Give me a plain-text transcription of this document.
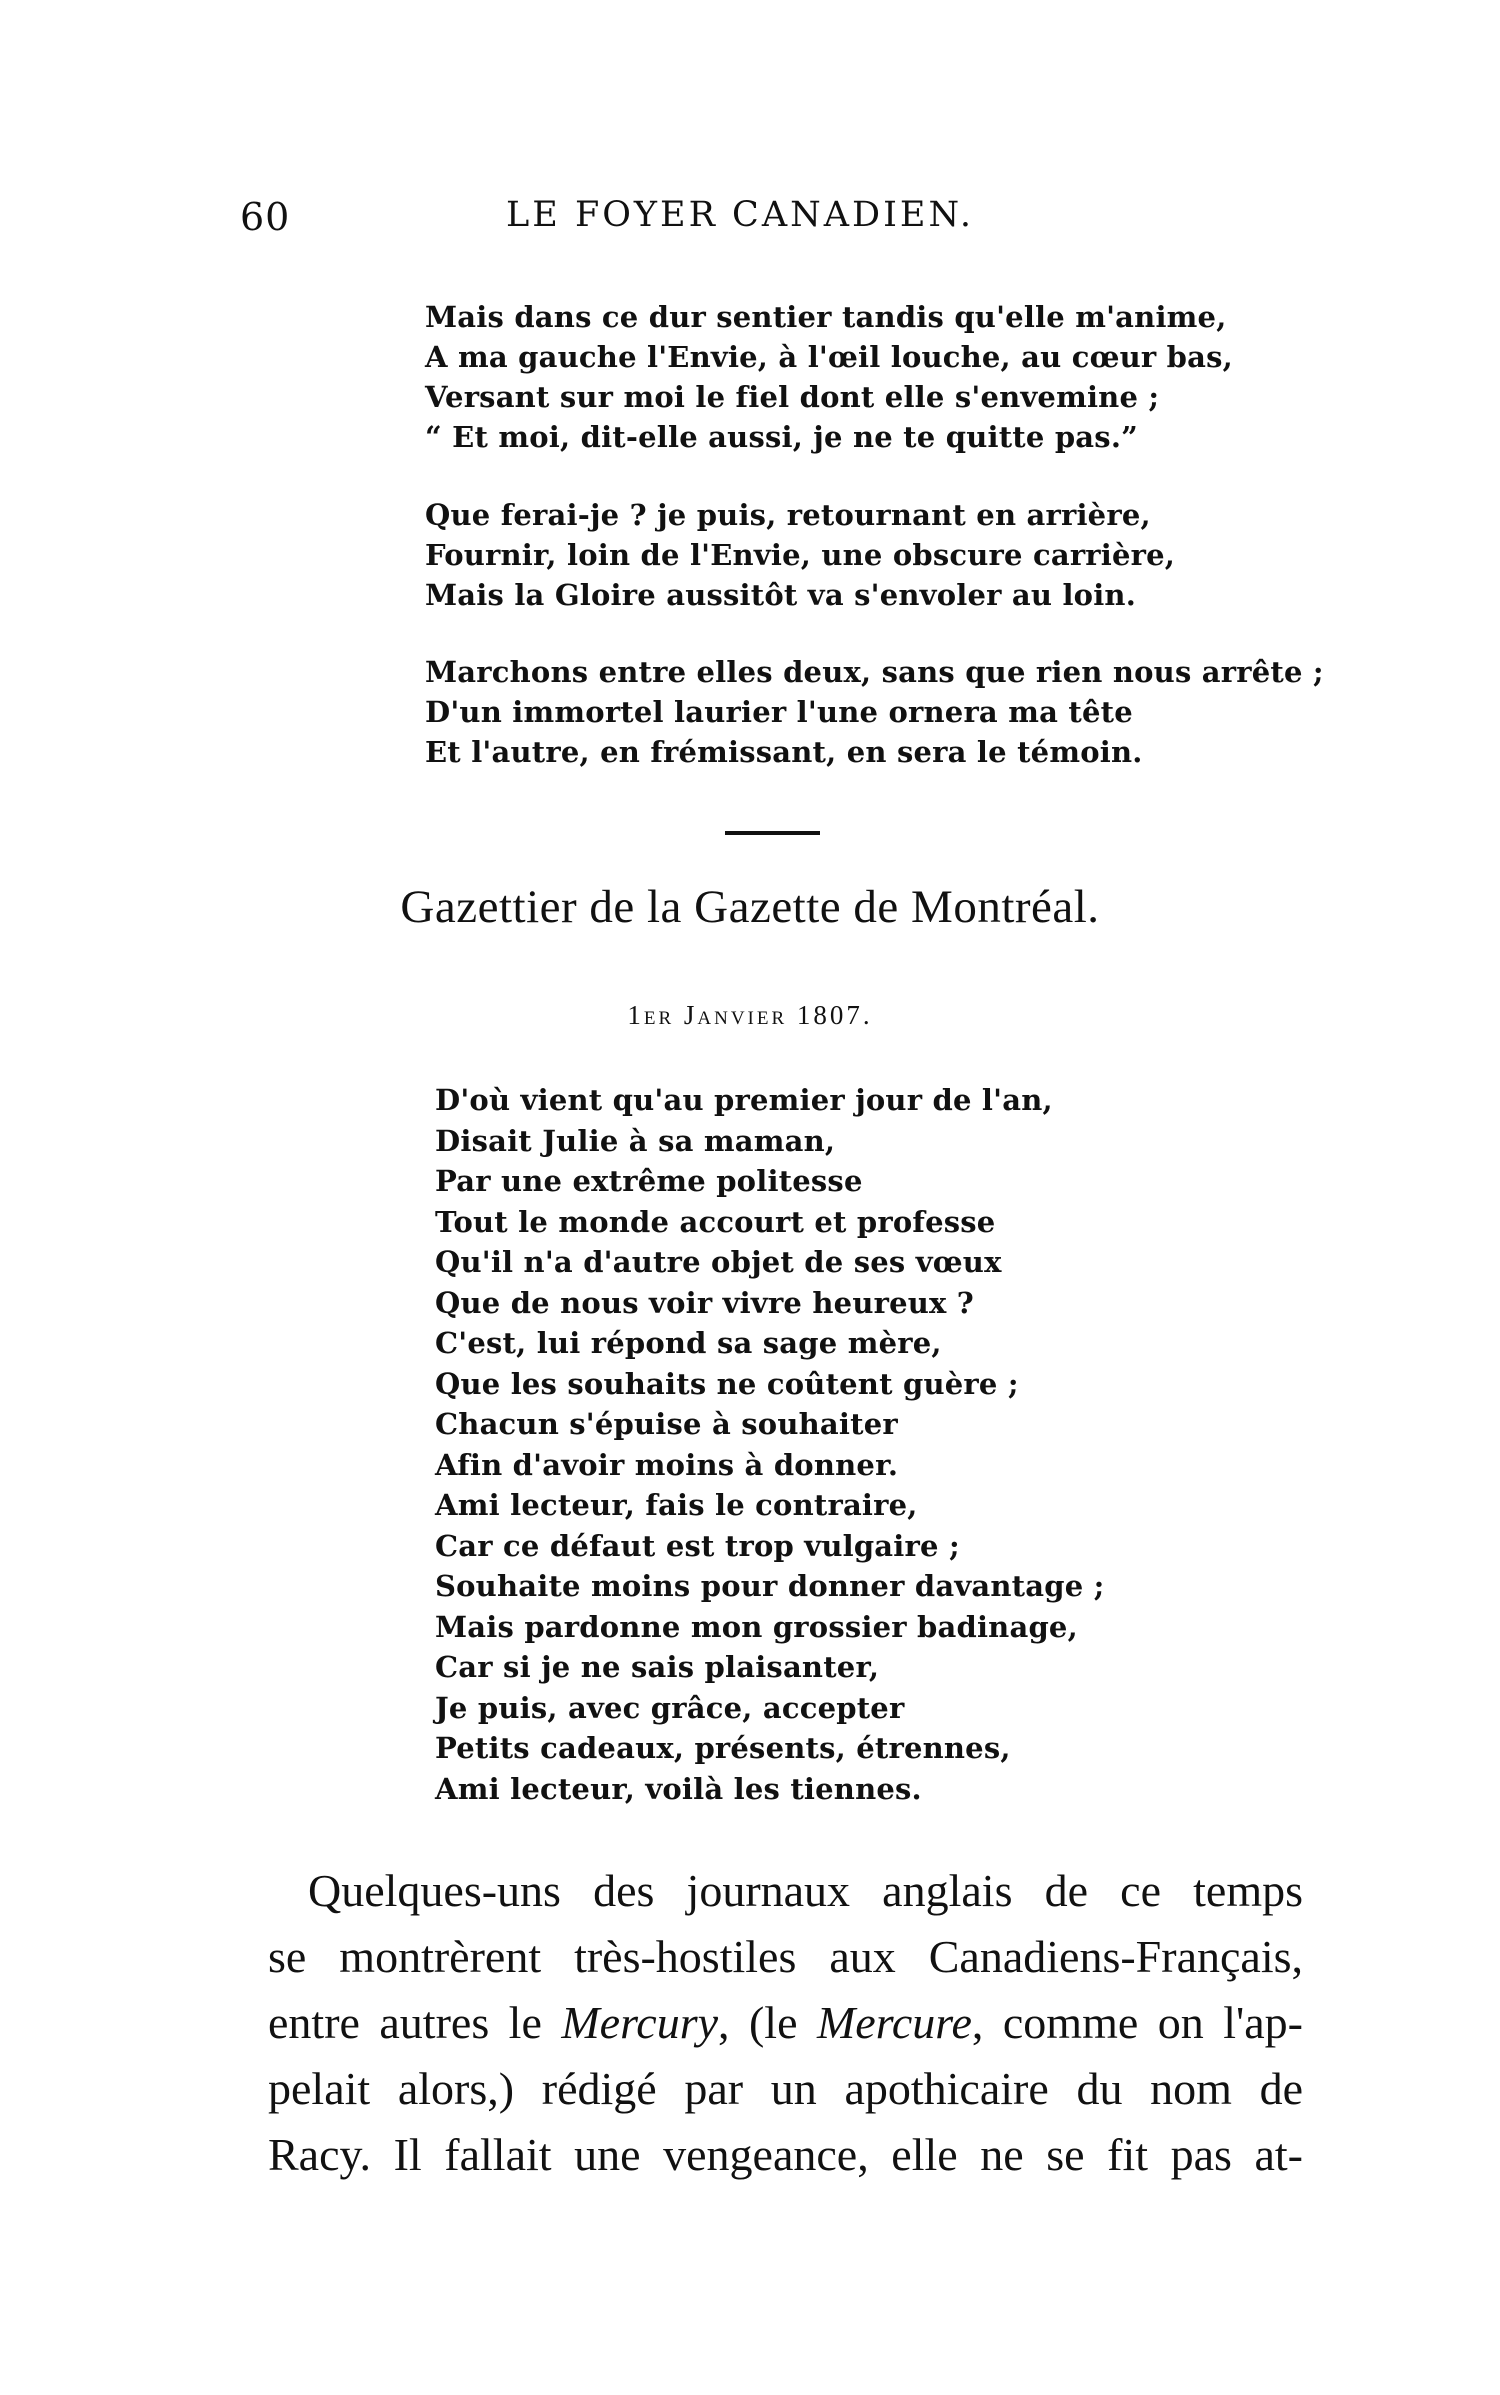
60	LE FOYER CANADIEN.
Mais dans ce dur sentier tandis qu'elle m'anime,
A ma gauche l'Envie, à l'œil louche, au cœur bas,
Versant sur moi le fiel dont elle s'envemine ;
“ Et moi, dit-elle aussi, je ne te quitte pas.”
Que ferai-je ? je puis, retournant en arrière,
Fournir, loin de l'Envie, une obscure carrière,
Mais la Gloire aussitôt va s'envoler au loin.
Marchons entre elles deux, sans que rien nous arrête ;
D'un immortel laurier l'une ornera ma tête
Et l'autre, en frémissant, en sera le témoin.
Gazettier de la Gazette de Montréal.
1er Janvier 1807.
D'où vient qu'au premier jour de l'an,
Disait Julie à sa maman,
Par une extrême politesse
Tout le monde accourt et professe
Qu'il n'a d'autre objet de ses vœux
Que de nous voir vivre heureux ?
C'est, lui répond sa sage mère,
Que les souhaits ne coûtent guère ;
Chacun s'épuise à souhaiter
Afin d'avoir moins à donner.
Ami lecteur, fais le contraire,
Car ce défaut est trop vulgaire ;
Souhaite moins pour donner davantage ;
Mais pardonne mon grossier badinage,
Car si je ne sais plaisanter,
Je puis, avec grâce, accepter
Petits cadeaux, présents, étrennes,
Ami lecteur, voilà les tiennes.

Quelques-uns des journaux anglais de ce temps
se montrèrent très-hostiles aux Canadiens-Français,
entre autres le Mercury, (le Mercure, comme on l'ap-
pelait alors,) rédigé par un apothicaire du nom de
Racy. Il fallait une vengeance, elle ne se fit pas at-
